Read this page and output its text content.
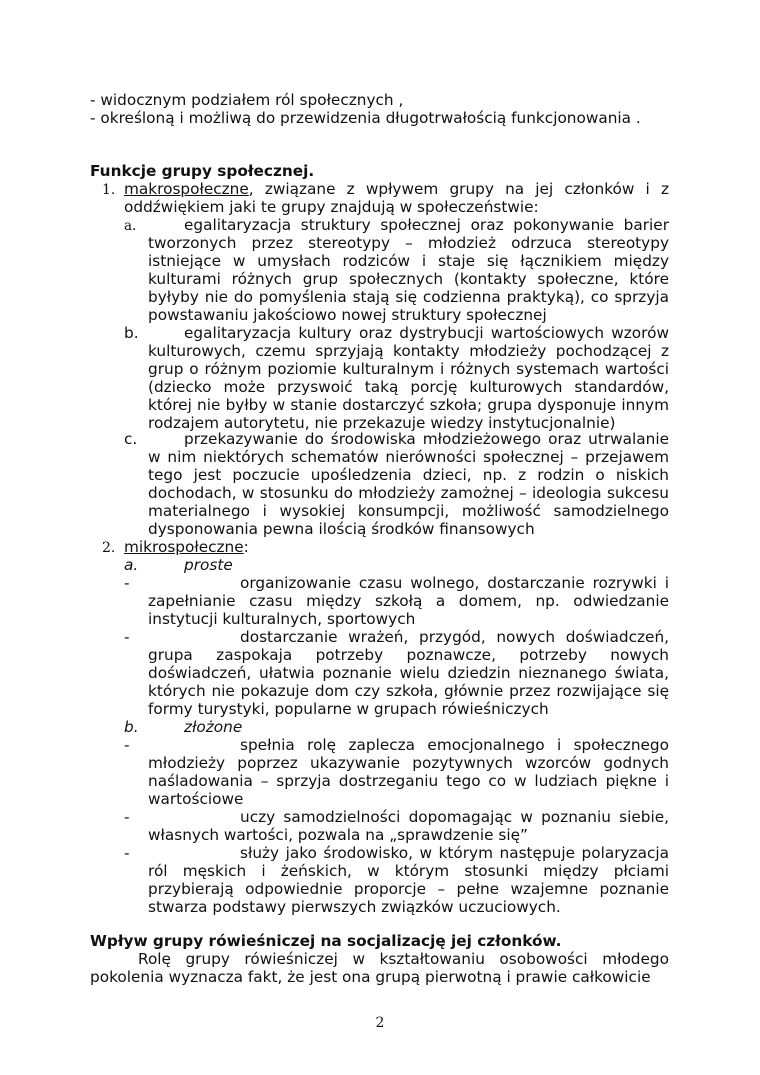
- widocznym podziałem ról społecznych ,
- określoną i możliwą do przewidzenia długotrwałością funkcjonowania .
Funkcje grupy społecznej.
1. makrospołeczne, związane z wpływem grupy na jej członków i z oddźwiękiem jaki te grupy znajdują w społeczeństwie:

a.	egalitaryzacja struktury społecznej oraz pokonywanie barier tworzonych przez stereotypy – młodzież odrzuca stereotypy istniejące w umysłach rodziców i staje się łącznikiem między kulturami różnych grup społecznych (kontakty społeczne, które byłyby nie do pomyślenia stają się codzienna praktyką), co sprzyja powstawaniu jakościowo nowej struktury społecznej

b.	egalitaryzacja kultury oraz dystrybucji wartościowych wzorów kulturowych, czemu sprzyjają kontakty młodzieży pochodzącej z grup o różnym poziomie kulturalnym i różnych systemach wartości (dziecko może przyswoić taką porcję kulturowych standardów, której nie byłby w stanie dostarczyć szkoła; grupa dysponuje innym rodzajem autorytetu, nie przekazuje wiedzy instytucjonalnie)

c.	przekazywanie do środowiska młodzieżowego oraz utrwalanie w nim niektórych schematów nierówności społecznej – przejawem tego jest poczucie upośledzenia dzieci, np. z rodzin o niskich dochodach, w stosunku do młodzieży zamożnej – ideologia sukcesu materialnego i wysokiej konsumpcji, możliwość samodzielnego dysponowania pewna ilością środków finansowych

2. mikrospołeczne:

a.	proste
-	organizowanie czasu wolnego, dostarczanie rozrywki i zapełnianie czasu między szkołą a domem, np. odwiedzanie instytucji kulturalnych, sportowych

-	dostarczanie wrażeń, przygód, nowych doświadczeń, grupa zaspokaja potrzeby poznawcze, potrzeby nowych doświadczeń, ułatwia poznanie wielu dziedzin nieznanego świata, których nie pokazuje dom czy szkoła, głównie przez rozwijające się formy turystyki, popularne w grupach rówieśniczych

b.	złożone
-	spełnia rolę zaplecza emocjonalnego i społecznego młodzieży poprzez ukazywanie pozytywnych wzorców godnych naśladowania – sprzyja dostrzeganiu tego co w ludziach piękne i wartościowe

-	uczy samodzielności dopomagając w poznaniu siebie, własnych wartości, pozwala na „sprawdzenie się”

-	służy jako środowisko, w którym następuje polaryzacja ról męskich i żeńskich, w którym stosunki między płciami przybierają odpowiednie proporcje – pełne wzajemne poznanie stwarza podstawy pierwszych związków uczuciowych.

Wpływ grupy rówieśniczej na socjalizację jej członków.

Rolę grupy rówieśniczej w kształtowaniu osobowości młodego pokolenia wyznacza fakt, że jest ona grupą pierwotną i prawie całkowicie

2
